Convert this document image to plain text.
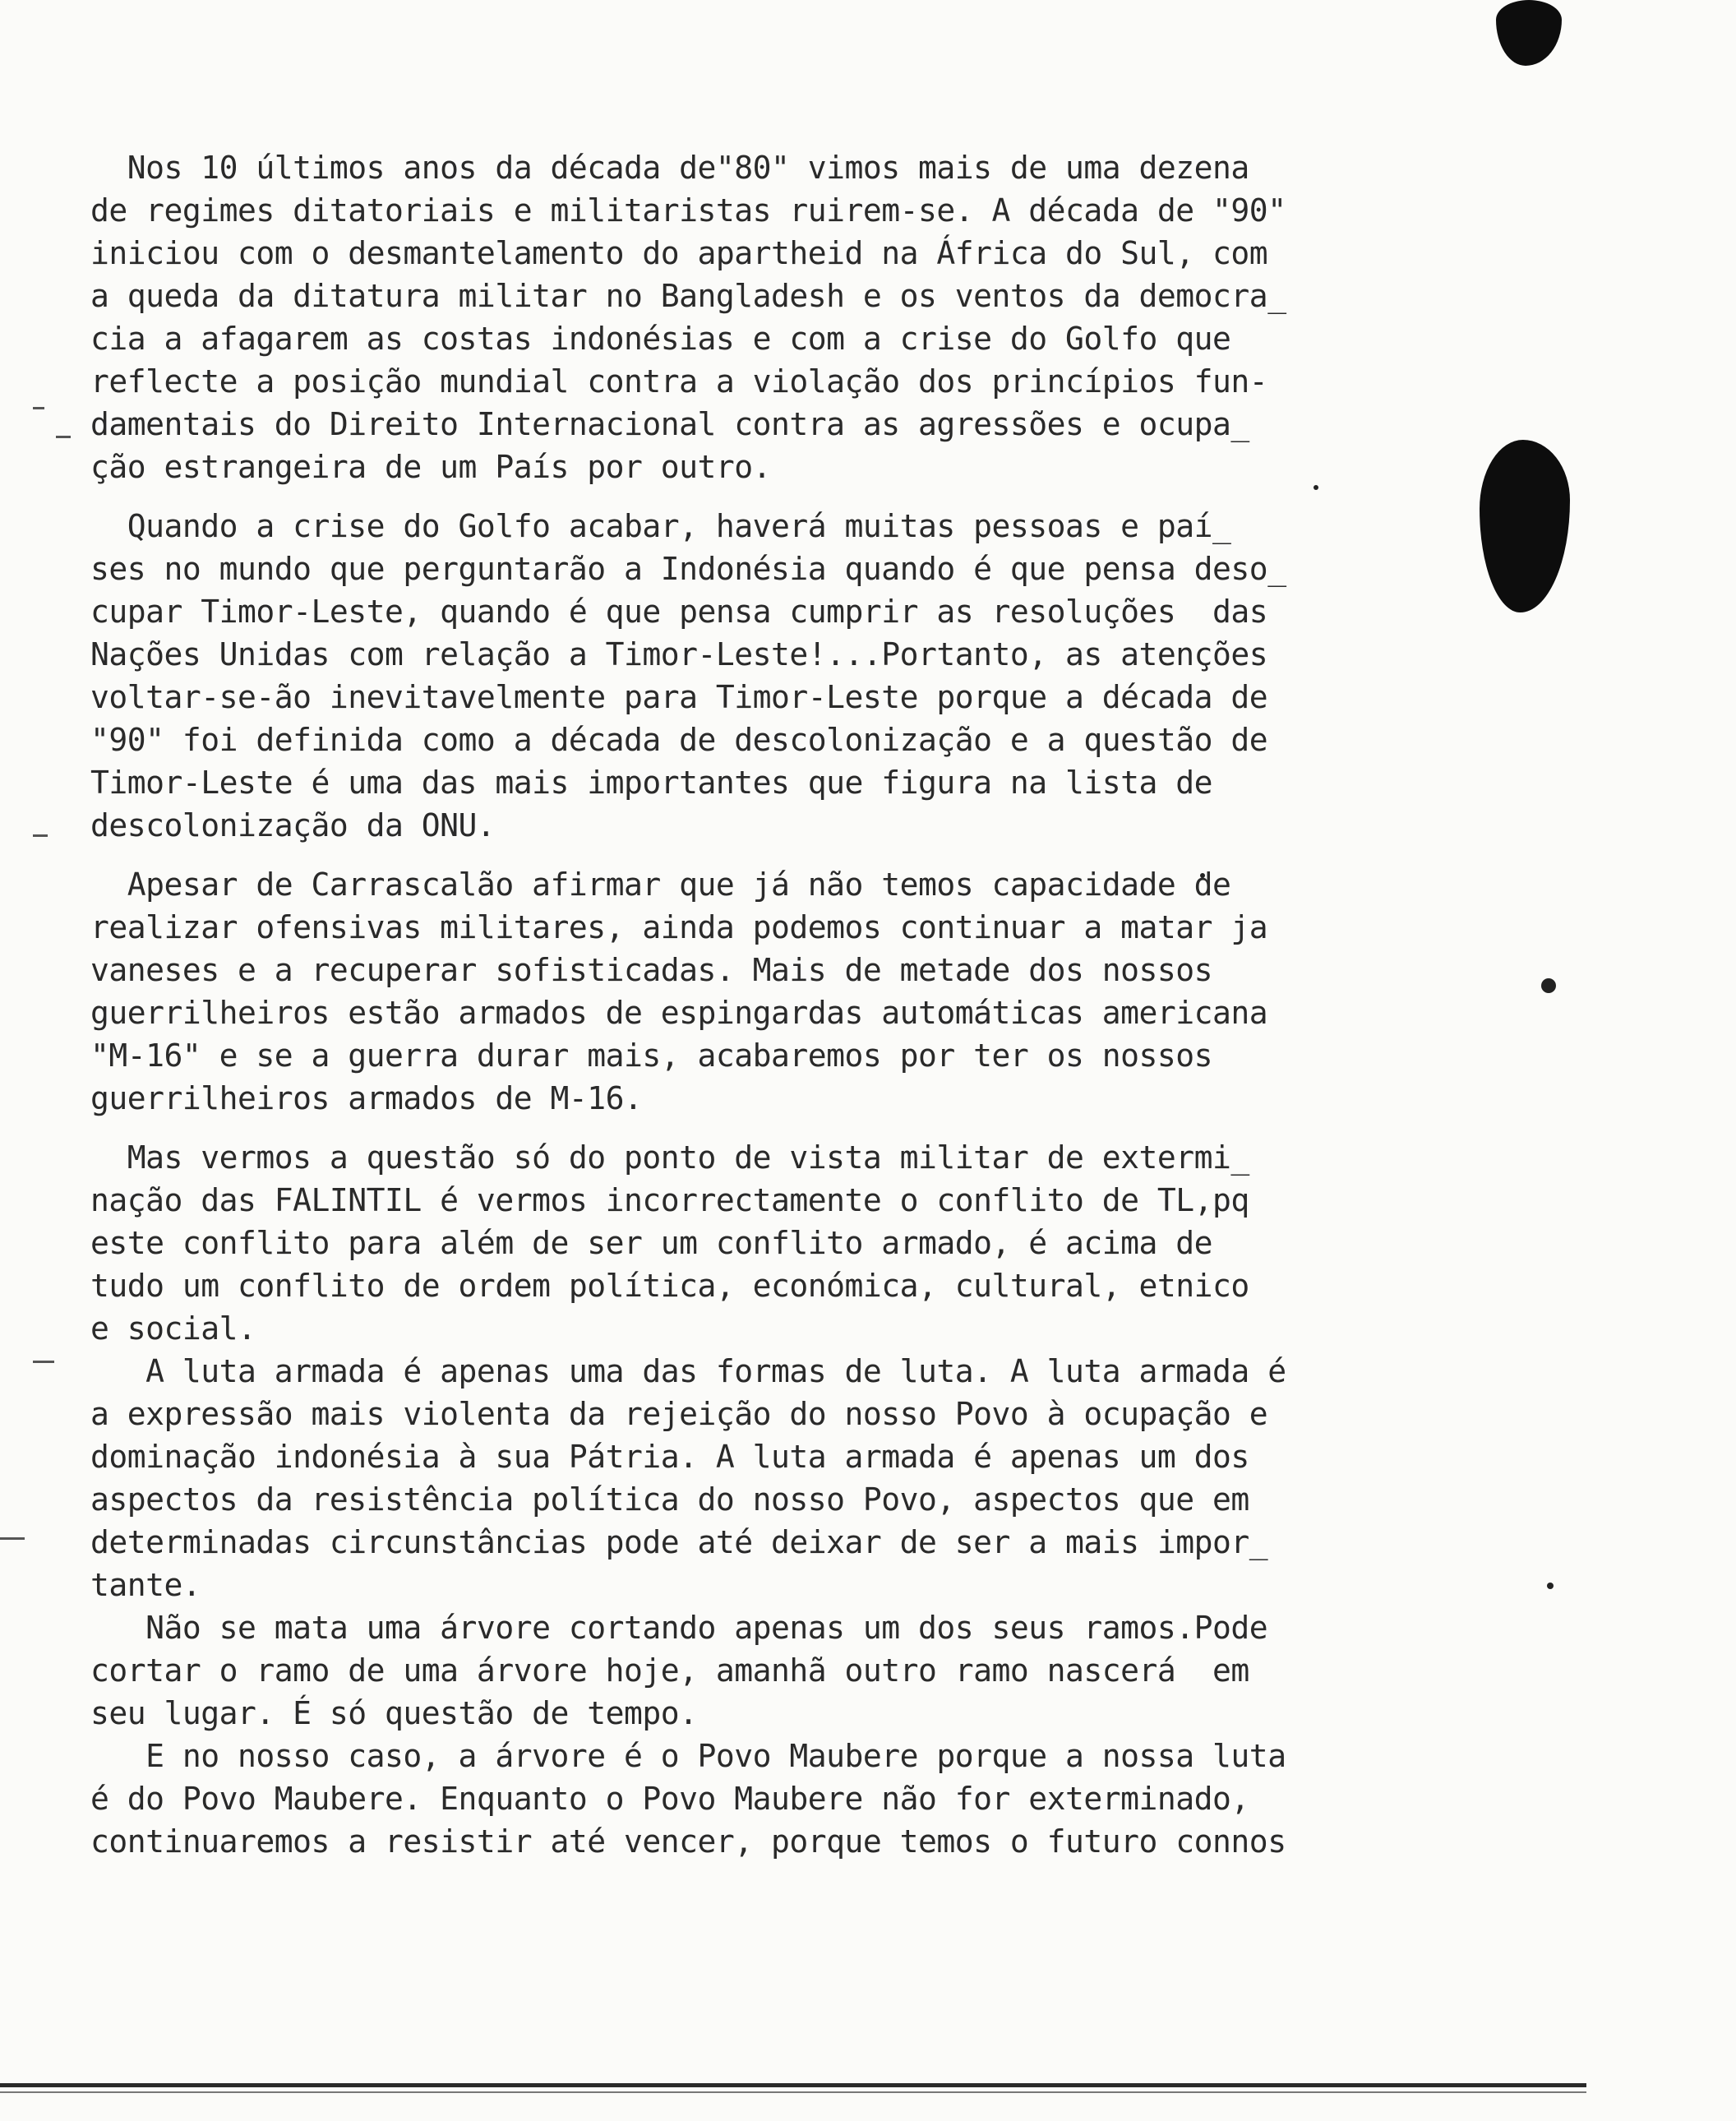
Nos 10 últimos anos da década de"80" vimos mais de uma dezena
de regimes ditatoriais e militaristas ruirem-se. A década de "90"
iniciou com o desmantelamento do apartheid na África do Sul, com
a queda da ditatura militar no Bangladesh e os ventos da democra_
cia a afagarem as costas indonésias e com a crise do Golfo que
reflecte a posição mundial contra a violação dos princípios fun-
damentais do Direito Internacional contra as agressões e ocupa_
ção estrangeira de um País por outro.
Quando a crise do Golfo acabar, haverá muitas pessoas e paí_
ses no mundo que perguntarão a Indonésia quando é que pensa deso_
cupar Timor-Leste, quando é que pensa cumprir as resoluções  das
Nações Unidas com relação a Timor-Leste!...Portanto, as atenções
voltar-se-ão inevitavelmente para Timor-Leste porque a década de
"90" foi definida como a década de descolonização e a questão de
Timor-Leste é uma das mais importantes que figura na lista de
descolonização da ONU.
Apesar de Carrascalão afirmar que já não temos capacidade de
realizar ofensivas militares, ainda podemos continuar a matar ja
vaneses e a recuperar sofisticadas. Mais de metade dos nossos
guerrilheiros estão armados de espingardas automáticas americana
"M-16" e se a guerra durar mais, acabaremos por ter os nossos
guerrilheiros armados de M-16.
Mas vermos a questão só do ponto de vista militar de extermi_
nação das FALINTIL é vermos incorrectamente o conflito de TL,pq
este conflito para além de ser um conflito armado, é acima de
tudo um conflito de ordem política, económica, cultural, etnico
e social.
A luta armada é apenas uma das formas de luta. A luta armada é
a expressão mais violenta da rejeição do nosso Povo à ocupação e
dominação indonésia à sua Pátria. A luta armada é apenas um dos
aspectos da resistência política do nosso Povo, aspectos que em
determinadas circunstâncias pode até deixar de ser a mais impor_
tante.
Não se mata uma árvore cortando apenas um dos seus ramos.Pode
cortar o ramo de uma árvore hoje, amanhã outro ramo nascerá  em
seu lugar. É só questão de tempo.
E no nosso caso, a árvore é o Povo Maubere porque a nossa luta
é do Povo Maubere. Enquanto o Povo Maubere não for exterminado,
continuaremos a resistir até vencer, porque temos o futuro connos
